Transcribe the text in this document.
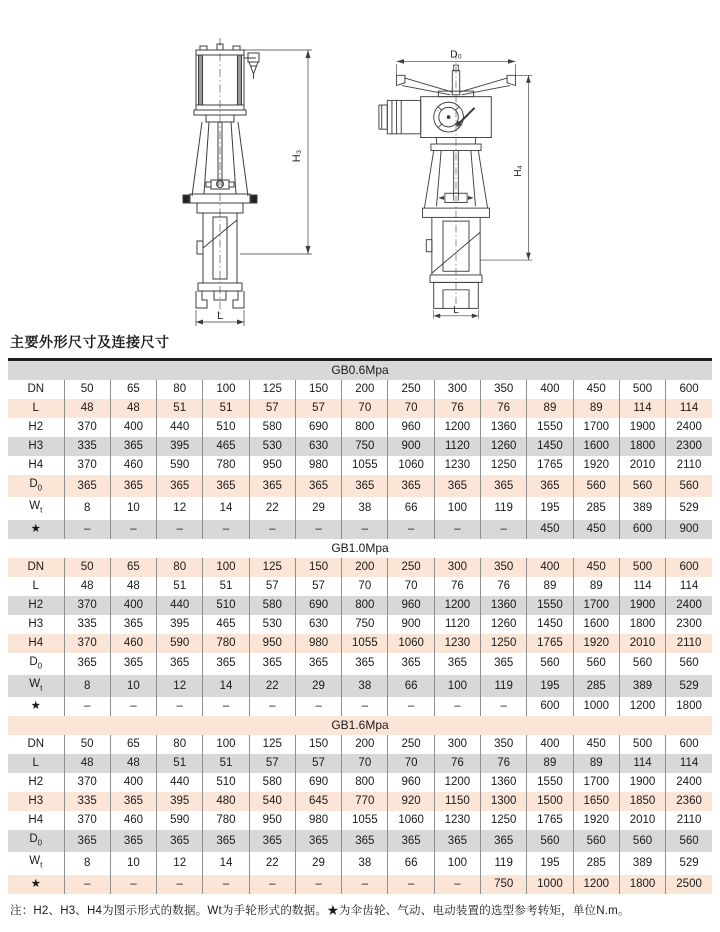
H₃
L
D₀
H₄
L
主要外形尺寸及连接尺寸
GB0.6Mpa														
DN	50	65	80	100	125	150	200	250	300	350	400	450	500	600
L	48	48	51	51	57	57	70	70	76	76	89	89	114	114
H2	370	400	440	510	580	690	800	960	1200	1360	1550	1700	1900	2400
H3	335	365	395	465	530	630	750	900	1120	1260	1450	1600	1800	2300
H4	370	460	590	780	950	980	1055	1060	1230	1250	1765	1920	2010	2110
$D_0$	365	365	365	365	365	365	365	365	365	365	365	560	560	560
$W_t$	8	10	12	14	22	29	38	66	100	119	195	285	389	529
★	–	–	–	–	–	–	–	–	–	–	450	450	600	900
GB1.0Mpa														
DN	50	65	80	100	125	150	200	250	300	350	400	450	500	600
L	48	48	51	51	57	57	70	70	76	76	89	89	114	114
H2	370	400	440	510	580	690	800	960	1200	1360	1550	1700	1900	2400
H3	335	365	395	465	530	630	750	900	1120	1260	1450	1600	1800	2300
H4	370	460	590	780	950	980	1055	1060	1230	1250	1765	1920	2010	2110
$D_0$	365	365	365	365	365	365	365	365	365	365	560	560	560	560
$W_t$	8	10	12	14	22	29	38	66	100	119	195	285	389	529
★	–	–	–	–	–	–	–	–	–	–	600	1000	1200	1800
GB1.6Mpa														
DN	50	65	80	100	125	150	200	250	300	350	400	450	500	600
L	48	48	51	51	57	57	70	70	76	76	89	89	114	114
H2	370	400	440	510	580	690	800	960	1200	1360	1550	1700	1900	2400
H3	335	365	395	480	540	645	770	920	1150	1300	1500	1650	1850	2360
H4	370	460	590	780	950	980	1055	1060	1230	1250	1765	1920	2010	2110
$D_0$	365	365	365	365	365	365	365	365	365	365	560	560	560	560
$W_t$	8	10	12	14	22	29	38	66	100	119	195	285	389	529
★	–	–	–	–	–	–	–	–	–	750	1000	1200	1800	2500
注：H2、H3、H4为图示形式的数据。Wt为手轮形式的数据。★为伞齿轮、气动、电动装置的选型参考转矩，单位N.m。
